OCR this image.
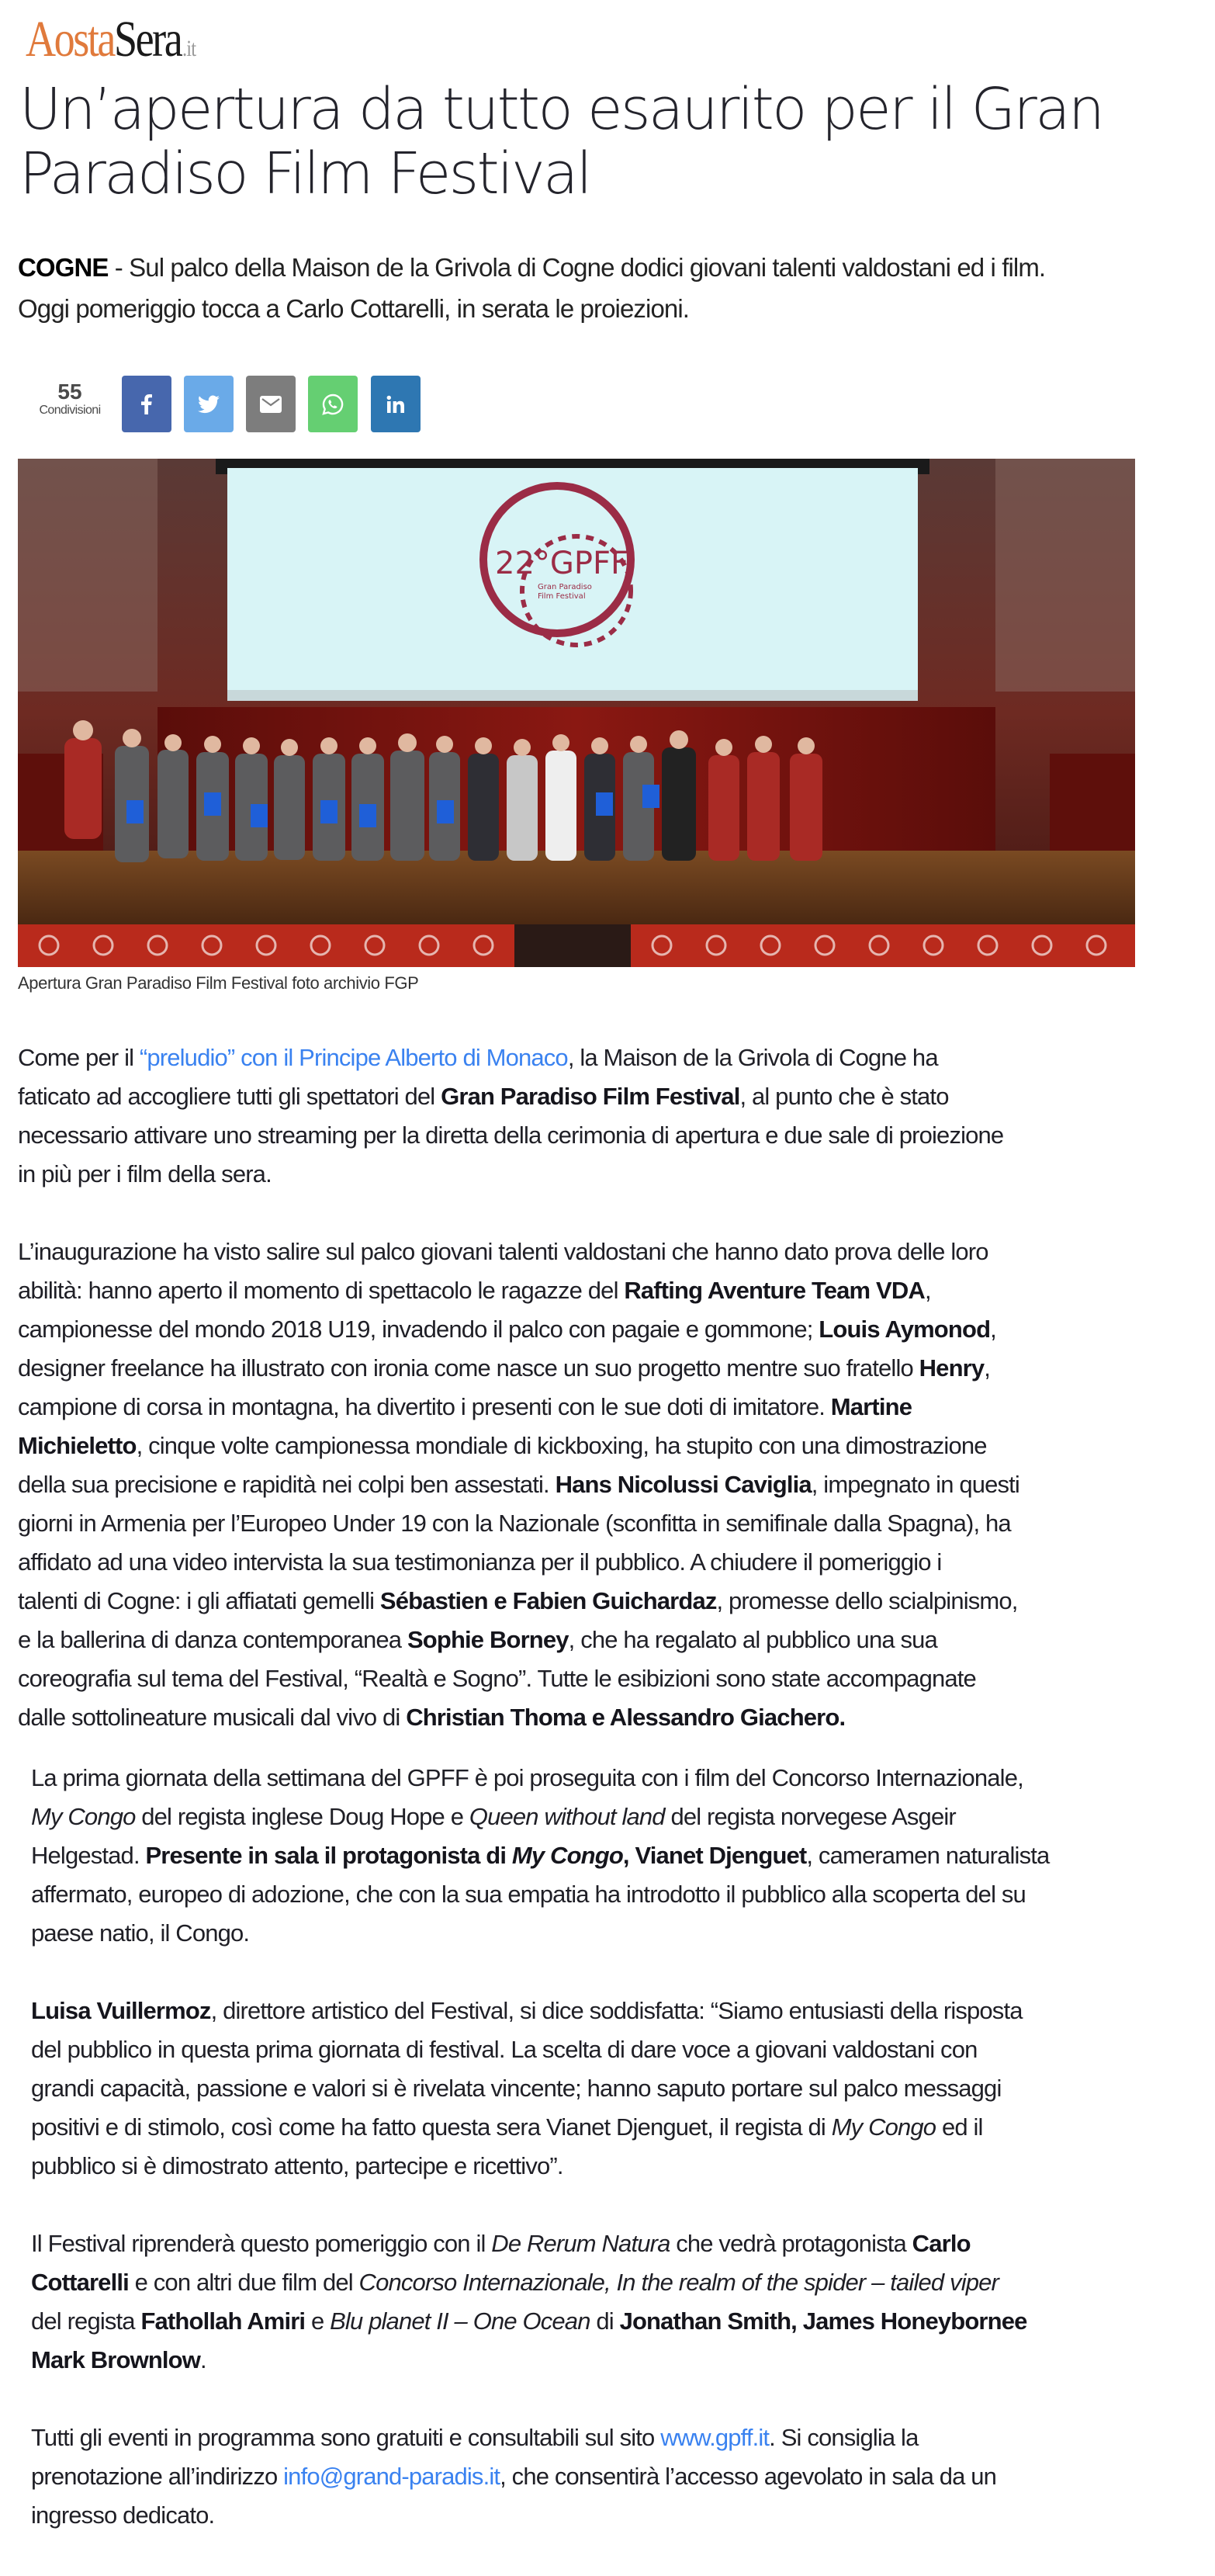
AostaSera.it
Un’apertura da tutto esaurito per il Gran
Paradiso Film Festival

COGNE - Sul palco della Maison de la Grivola di Cogne dodici giovani talenti valdostani ed i film.
Oggi pomeriggio tocca a Carlo Cottarelli, in serata le proiezioni.

55
Condivisioni
22°GPFF
Gran Paradiso
Film Festival
Apertura Gran Paradiso Film Festival foto archivio FGP

Come per il “preludio” con il Principe Alberto di Monaco, la Maison de la Grivola di Cogne ha
faticato ad accogliere tutti gli spettatori del Gran Paradiso Film Festival, al punto che è stato
necessario attivare uno streaming per la diretta della cerimonia di apertura e due sale di proiezione
in più per i film della sera.

L’inaugurazione ha visto salire sul palco giovani talenti valdostani che hanno dato prova delle loro
abilità: hanno aperto il momento di spettacolo le ragazze del Rafting Aventure Team VDA,
campionesse del mondo 2018 U19, invadendo il palco con pagaie e gommone; Louis Aymonod,
designer freelance ha illustrato con ironia come nasce un suo progetto mentre suo fratello Henry,
campione di corsa in montagna, ha divertito i presenti con le sue doti di imitatore. Martine
Michieletto, cinque volte campionessa mondiale di kickboxing, ha stupito con una dimostrazione
della sua precisione e rapidità nei colpi ben assestati. Hans Nicolussi Caviglia, impegnato in questi
giorni in Armenia per l’Europeo Under 19 con la Nazionale (sconfitta in semifinale dalla Spagna), ha
affidato ad una video intervista la sua testimonianza per il pubblico. A chiudere il pomeriggio i
talenti di Cogne: i gli affiatati gemelli Sébastien e Fabien Guichardaz, promesse dello scialpinismo,
e la ballerina di danza contemporanea Sophie Borney, che ha regalato al pubblico una sua
coreografia sul tema del Festival, “Realtà e Sogno”. Tutte le esibizioni sono state accompagnate
dalle sottolineature musicali dal vivo di Christian Thoma e Alessandro Giachero.

La prima giornata della settimana del GPFF è poi proseguita con i film del Concorso Internazionale,
My Congo del regista inglese Doug Hope e Queen without land del regista norvegese Asgeir
Helgestad. Presente in sala il protagonista di My Congo, Vianet Djenguet, cameramen naturalista
affermato, europeo di adozione, che con la sua empatia ha introdotto il pubblico alla scoperta del su
paese natio, il Congo.

Luisa Vuillermoz, direttore artistico del Festival, si dice soddisfatta: “Siamo entusiasti della risposta
del pubblico in questa prima giornata di festival. La scelta di dare voce a giovani valdostani con
grandi capacità, passione e valori si è rivelata vincente; hanno saputo portare sul palco messaggi
positivi e di stimolo, così come ha fatto questa sera Vianet Djenguet, il regista di My Congo ed il
pubblico si è dimostrato attento, partecipe e ricettivo”.

Il Festival riprenderà questo pomeriggio con il De Rerum Natura che vedrà protagonista Carlo
Cottarelli e con altri due film del Concorso Internazionale, In the realm of the spider – tailed viper
del regista Fathollah Amiri e Blu planet II – One Ocean di Jonathan Smith, James Honeybornee
Mark Brownlow.

Tutti gli eventi in programma sono gratuiti e consultabili sul sito www.gpff.it. Si consiglia la
prenotazione all’indirizzo info@grand-paradis.it, che consentirà l’accesso agevolato in sala da un
ingresso dedicato.
